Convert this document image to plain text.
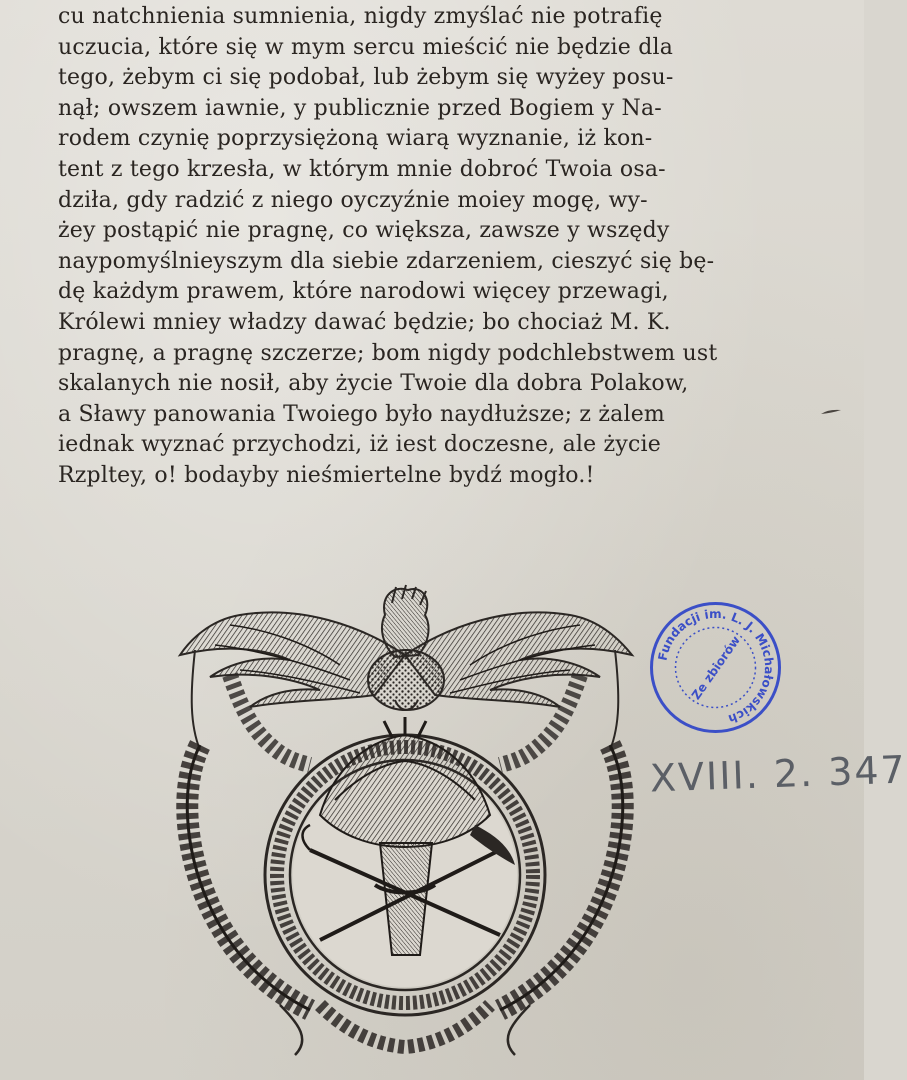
cu natchnienia sumnienia, nigdy zmyślać nie potrafię
uczucia, które się w mym sercu mieścić nie będzie dla
tego, żebym ci się podobał, lub żebym się wyżey posu-
nął; owszem iawnie, y publicznie przed Bogiem y Na-
rodem czynię poprzysiężoną wiarą wyznanie, iż kon-
tent z tego krzesła, w którym mnie dobroć Twoia osa-
dziła, gdy radzić z niego oyczyźnie moiey mogę, wy-
żey postąpić nie pragnę, co większa, zawsze y wszędy
naypomyślnieyszym dla siebie zdarzeniem, cieszyć się bę-
dę każdym prawem, które narodowi więcey przewagi,
Królewi mniey władzy dawać będzie; bo chociaż M. K.
pragnę, a pragnę szczerze; bom nigdy podchlebstwem ust
skalanych nie nosił, aby życie Twoie dla dobra Polakow,
a Sławy panowania Twoiego było naydłuższe; z żalem
iednak wyznać przychodzi, iż iest doczesne, ale życie
Rzpltey, o! bodayby nieśmiertelne bydź mogło.!
Fundacji im. L. J. Michałowskich
Ze zbiorów
XVIII. 2. 347
